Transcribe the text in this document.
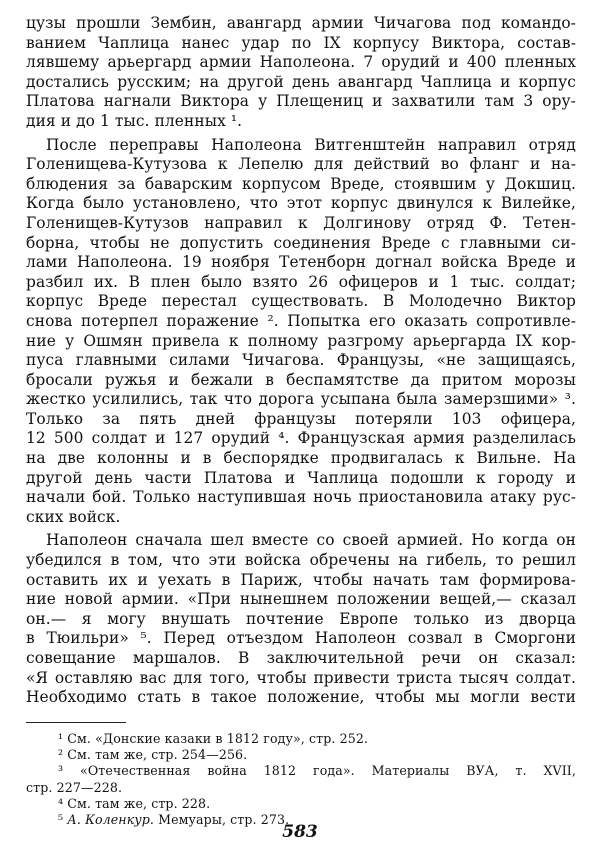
цузы прошли Зембин, авангард армии Чичагова под командо-
ванием Чаплица нанес удар по IX корпусу Виктора, состав-
лявшему арьергард армии Наполеона. 7 орудий и 400 пленных
достались русским; на другой день авангард Чаплица и корпус
Платова нагнали Виктора у Плещениц и захватили там 3 ору-
дия и до 1 тыс. пленных ¹.
После переправы Наполеона Витгенштейн направил отряд
Голенищева-Кутузова к Лепелю для действий во фланг и на-
блюдения за баварским корпусом Вреде, стоявшим у Докшиц.
Когда было установлено, что этот корпус двинулся к Вилейке,
Голенищев-Кутузов направил к Долгинову отряд Ф. Тетен-
борна, чтобы не допустить соединения Вреде с главными си-
лами Наполеона. 19 ноября Тетенборн догнал войска Вреде и
разбил их. В плен было взято 26 офицеров и 1 тыс. солдат;
корпус Вреде перестал существовать. В Молодечно Виктор
снова потерпел поражение ². Попытка его оказать сопротивле-
ние у Ошмян привела к полному разгрому арьергарда IX кор-
пуса главными силами Чичагова. Французы, «не защищаясь,
бросали ружья и бежали в беспамятстве да притом морозы
жестко усилились, так что дорога усыпана была замерзшими» ³.
Только за пять дней французы потеряли 103 офицера,
12 500 солдат и 127 орудий ⁴. Французская армия разделилась
на две колонны и в беспорядке продвигалась к Вильне. На
другой день части Платова и Чаплица подошли к городу и
начали бой. Только наступившая ночь приостановила атаку рус-
ских войск.
Наполеон сначала шел вместе со своей армией. Но когда он
убедился в том, что эти войска обречены на гибель, то решил
оставить их и уехать в Париж, чтобы начать там формирова-
ние новой армии. «При нынешнем положении вещей,— сказал
он.— я могу внушать почтение Европе только из дворца
в Тюильри» ⁵. Перед отъездом Наполеон созвал в Сморгони
совещание маршалов. В заключительной речи он сказал:
«Я оставляю вас для того, чтобы привести триста тысяч солдат.
Необходимо стать в такое положение, чтобы мы могли вести
¹ См. «Донские казаки в 1812 году», стр. 252.
² См. там же, стр. 254—256.
³ «Отечественная война 1812 года». Материалы ВУА, т. XVII,
стр. 227—228.
⁴ См. там же, стр. 228.
⁵ А. Коленкур. Мемуары, стр. 273.
583
